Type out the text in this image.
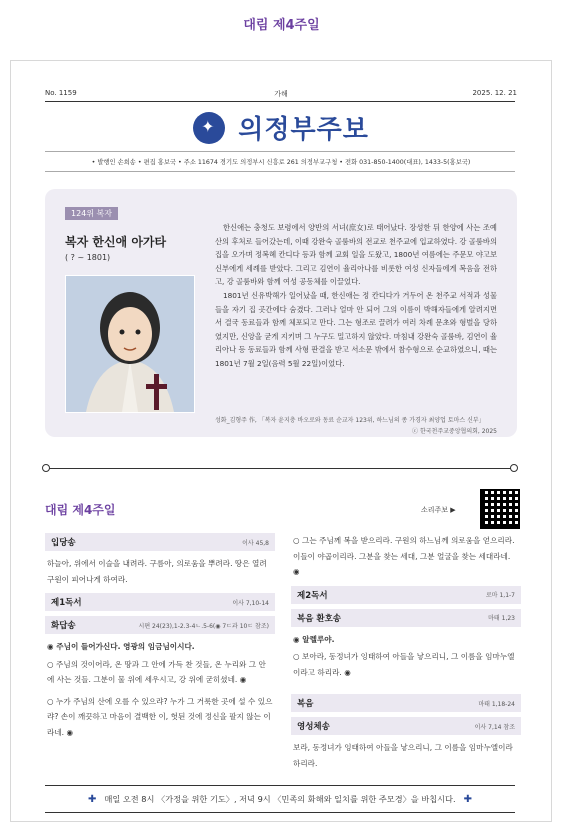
대림 제4주일
No. 1159	가해	2025. 12. 21
✦ 의정부주보
• 발행인 손희송 • 편집 홍보국 • 주소 11674 경기도 의정부시 신흥로 261 의정부교구청 • 전화 031-850-1400(대표), 1433-5(홍보국)
124위 복자
복자 한신애 아가타
( ? ~ 1801)

한신애는 충청도 보령에서 양반의 서녀(庶女)로 태어났다. 장성한 뒤 한양에 사는 조예산의 후처로 들어갔는데, 이때 강완숙 골룸바의 전교로 천주교에 입교하였다. 강 골룸바의 집을 오가며 정복혜 칸디다 등과 함께 교회 일을 도왔고, 1800년 여름에는 주문모 야고보 신부에게 세례를 받았다. 그리고 김연이 율리아나를 비롯한 여성 신자들에게 복음을 전하고, 강 골룸바와 함께 여성 공동체를 이끌었다.

1801년 신유박해가 일어났을 때, 한신애는 정 칸디다가 거두어 온 천주교 서적과 성물들을 자기 집 곳간에다 숨겼다. 그러나 얼마 안 되어 그의 이름이 박해자들에게 알려지면서 결국 동료들과 함께 체포되고 만다. 그는 형조로 끌려가 여러 차례 문초와 형벌을 당하였지만, 신앙을 굳게 지키며 그 누구도 밀고하지 않았다. 마침내 강완숙 골룸바, 김연이 율리아나 등 동료들과 함께 사형 판결을 받고 서소문 밖에서 참수형으로 순교하였으니, 때는 1801년 7월 2일(음력 5월 22일)이었다.

성화_김형주 作, 「복자 윤지충 바오로와 동료 순교자 123위, 하느님의 종 가경자 최양업 토마스 신부」
ⓒ 한국천주교중앙협의회, 2025
대림 제4주일	소리주보 ▶
입당송	이사 45,8
하늘아, 위에서 이슬을 내려라. 구름아, 의로움을 뿌려라. 땅은 열려 구원이 피어나게 하여라.
제1독서	이사 7,10-14
화답송	시편 24(23),1-2.3-4ㄴ.5-6(◉ 7ㄷ과 10ㄷ 참조)
◉ 주님이 들어가신다. 영광의 임금님이시다.
○ 주님의 것이어라, 온 땅과 그 안에 가득 찬 것들, 온 누리와 그 안에 사는 것들. 그분이 물 위에 세우시고, 강 위에 굳히셨네. ◉
○ 누가 주님의 산에 오를 수 있으랴? 누가 그 거룩한 곳에 설 수 있으랴? 손이 깨끗하고 마음이 결백한 이, 헛된 것에 정신을 팔지 않는 이라네. ◉
○ 그는 주님께 복을 받으리라. 구원의 하느님께 의로움을 얻으리라. 이들이 야곱이리라. 그분을 찾는 세대, 그분 얼굴을 찾는 세대라네. ◉
제2독서	로마 1,1-7
복음 환호송	마태 1,23
◉ 알렐루야.
○ 보아라, 동정녀가 잉태하여 아들을 낳으리니, 그 이름을 임마누엘이라고 하리라. ◉
복음	마태 1,18-24
영성체송	이사 7,14 참조
보라, 동정녀가 잉태하여 아들을 낳으리니, 그 이름을 임마누엘이라 하리라.
✚ 매일 오전 8시 〈가정을 위한 기도〉, 저녁 9시 〈민족의 화해와 일치를 위한 주모경〉을 바칩시다. ✚
